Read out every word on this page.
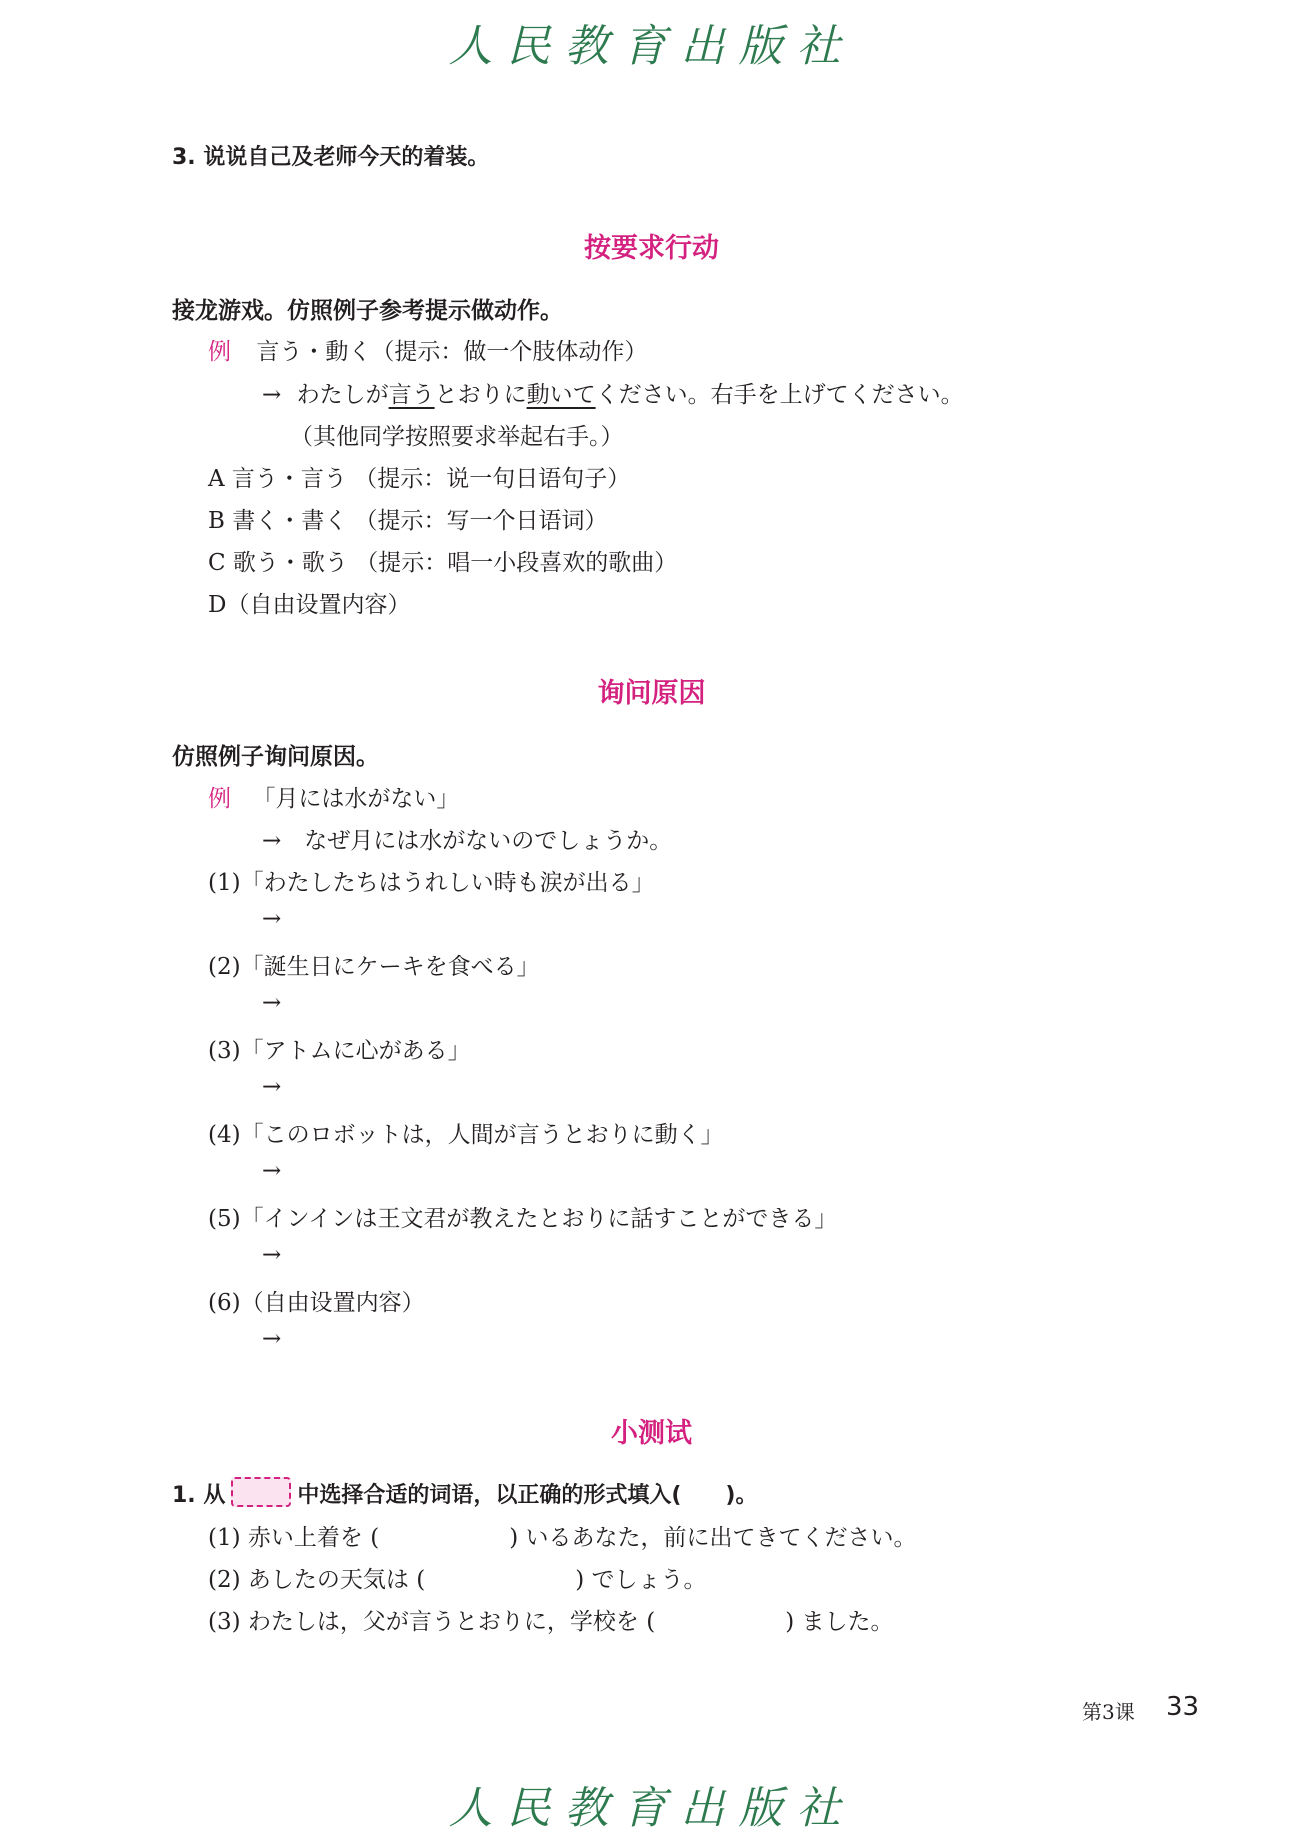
人民教育出版社
3. 说说自己及老师今天的着装。
按要求行动
接龙游戏。仿照例子参考提示做动作。
例 言う・動く（提示：做一个肢体动作）
→ わたしが言うとおりに動いてください。右手を上げてください。
（其他同学按照要求举起右手。）
A 言う・言う （提示：说一句日语句子）
B 書く・書く （提示：写一个日语词）
C 歌う・歌う （提示：唱一小段喜欢的歌曲）
D（自由设置内容）
询问原因
仿照例子询问原因。
例 「月には水がない」
→　なぜ月には水がないのでしょうか。
(1)「わたしたちはうれしい時も涙が出る」
→
(2)「誕生日にケーキを食べる」
→
(3)「アトムに心がある」
→
(4)「このロボットは，人間が言うとおりに動く」
→
(5)「インインは王文君が教えたとおりに話すことができる」
→
(6)（自由设置内容）
→
小测试
1. 从	中选择合适的词语，以正确的形式填入(　　)。
(1) 赤い上着を (	) いるあなた，前に出てきてください。
(2) あしたの天気は (	) でしょう。
(3) わたしは，父が言うとおりに，学校を (	) ました。
第3课 33
人民教育出版社
